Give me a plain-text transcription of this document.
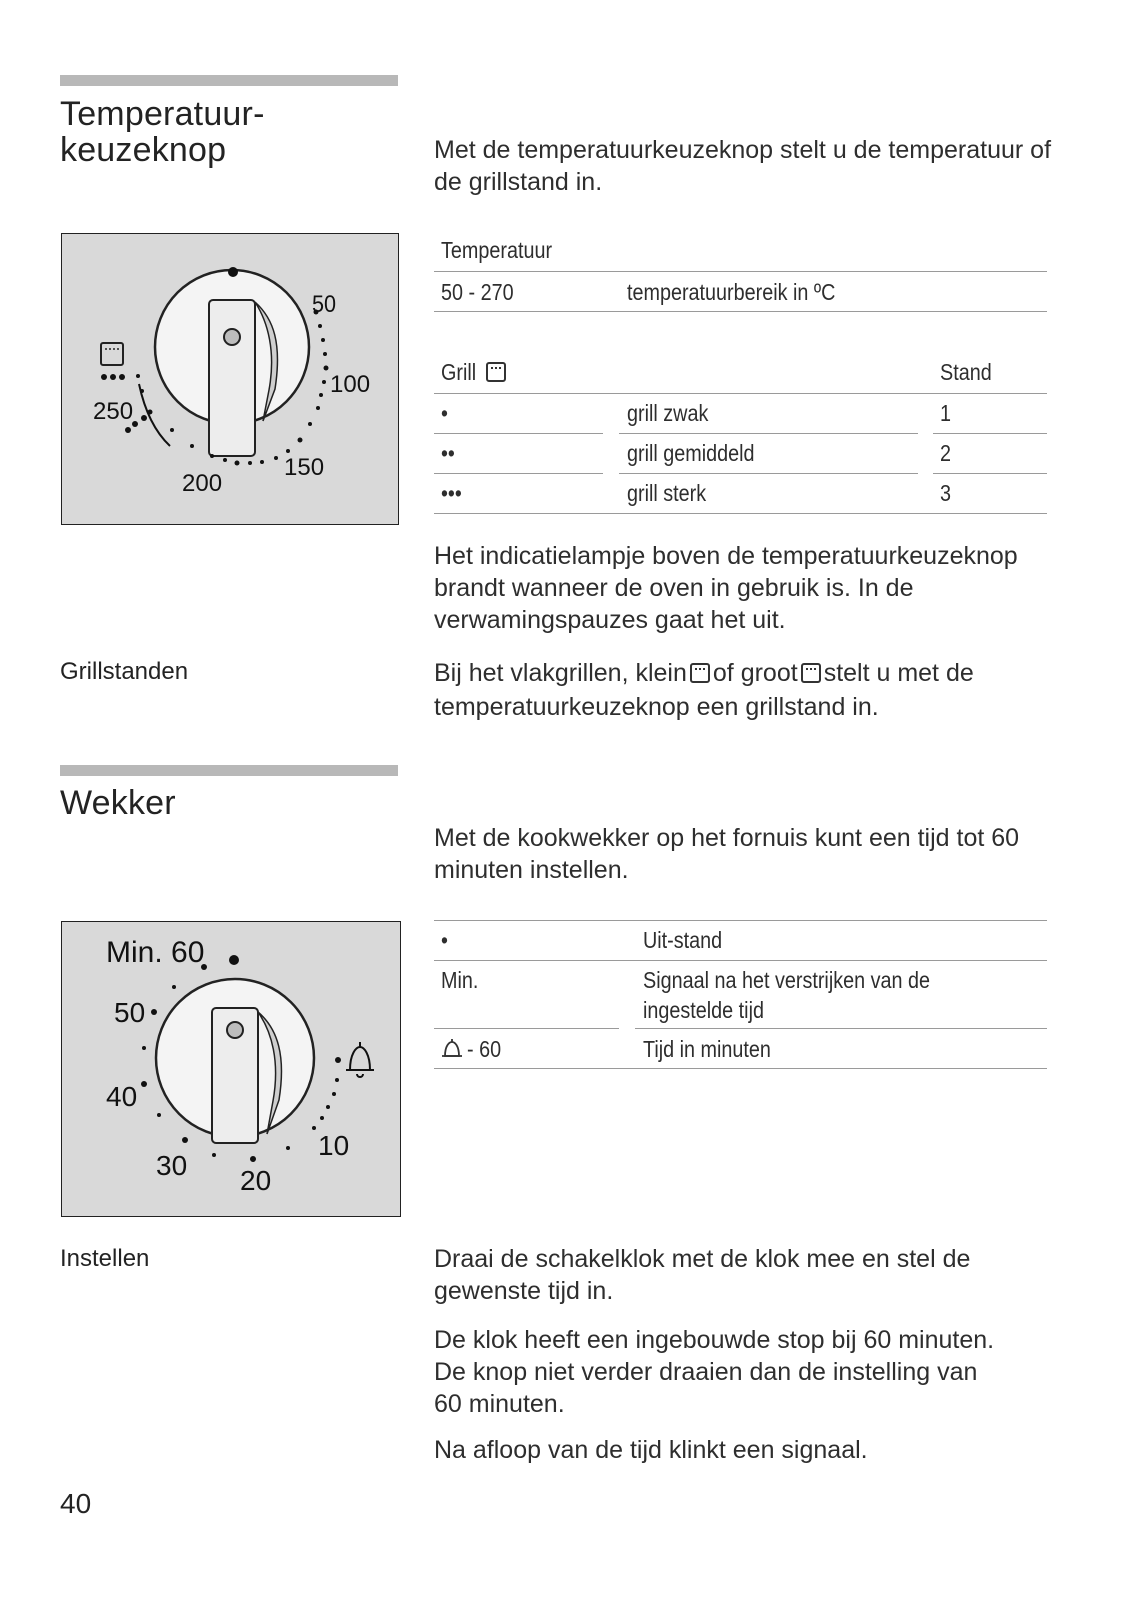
Temperatuur-
keuzeknop	Met de temperatuurkeuzeknop stelt u de temperatuur of de grillstand in.
50
100
150
200
250
Temperatuur
50 - 270	temperatuurbereik in ºC
Grill	Stand
•	grill zwak	1
••	grill gemiddeld	2
•••	grill sterk	3
Het indicatielampje boven de temperatuurkeuzeknop brandt wanneer de oven in gebruik is. In de verwamingspauzes gaat het uit.
Grillstanden	Bij het vlakgrillen, klein of groot stelt u met de
temperatuurkeuzeknop een grillstand in.
Wekker
Met de kookwekker op het fornuis kunt een tijd tot 60 minuten instellen.
Min. 60
50
40
30 20
10
•	Uit-stand
Min.	Signaal na het verstrijken van de
ingestelde tijd
- 60	Tijd in minuten
Instellen	Draai de schakelklok met de klok mee en stel de gewenste tijd in.
De klok heeft een ingebouwde stop bij 60 minuten.
De knop niet verder draaien dan de instelling van
60 minuten.
Na afloop van de tijd klinkt een signaal.
40
